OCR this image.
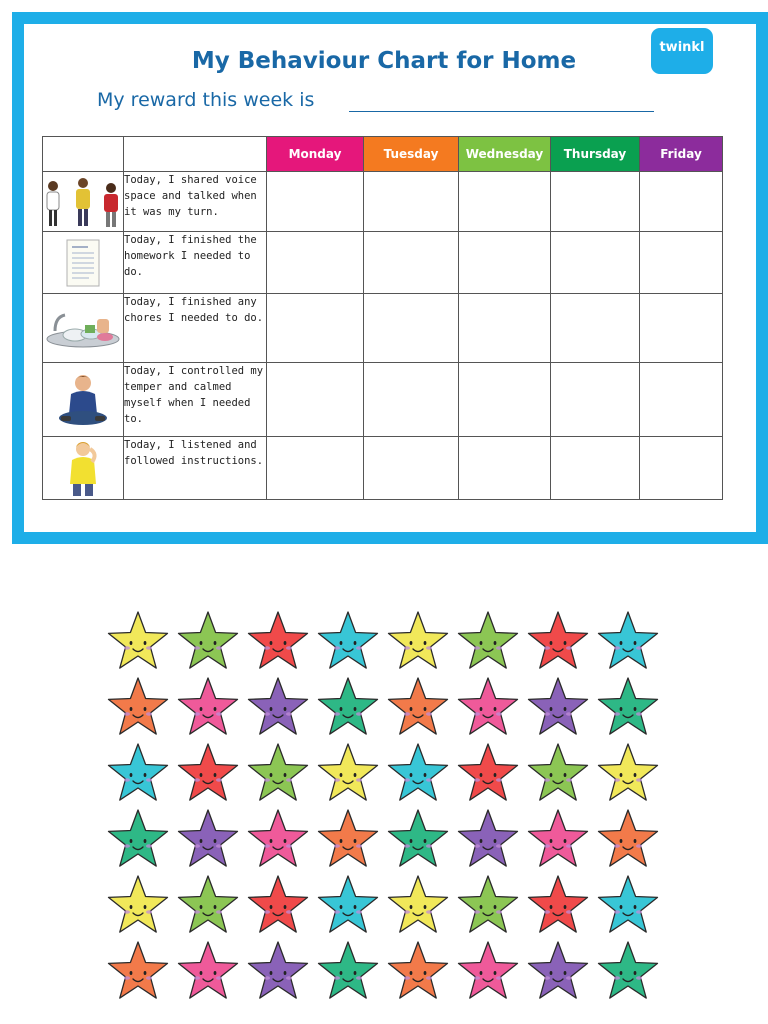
twinkl
My Behaviour Chart for Home
My reward this week is
		Monday	Tuesday	Wednesday	Thursday	Friday

	Today, I shared voice space and talked when it was my turn.					

	Today, I finished the homework I needed to do.					

	Today, I finished any chores I needed to do.					

	Today, I controlled my temper and calmed myself when I needed to.					

	Today, I listened and followed instructions.					
